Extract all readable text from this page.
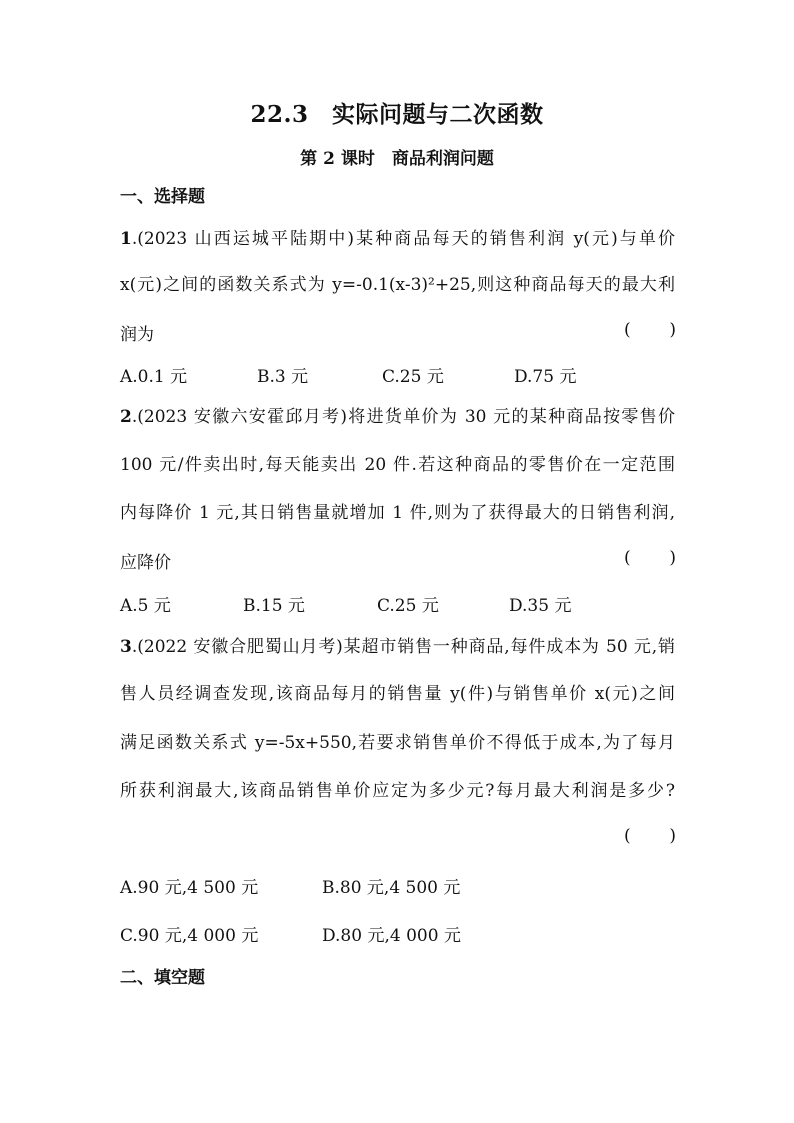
22.3　实际问题与二次函数
第 2 课时　商品利润问题
一、选择题
1.(2023 山西运城平陆期中)某种商品每天的销售利润 y(元)与单价
x(元)之间的函数关系式为 y=-0.1(x-3)²+25,则这种商品每天的最大利
润为	( )
A.0.1 元	B.3 元	C.25 元	D.75 元
2.(2023 安徽六安霍邱月考)将进货单价为 30 元的某种商品按零售价
100 元/件卖出时,每天能卖出 20 件.若这种商品的零售价在一定范围
内每降价 1 元,其日销售量就增加 1 件,则为了获得最大的日销售利润,
应降价	( )
A.5 元	B.15 元	C.25 元	D.35 元
3.(2022 安徽合肥蜀山月考)某超市销售一种商品,每件成本为 50 元,销
售人员经调查发现,该商品每月的销售量 y(件)与销售单价 x(元)之间
满足函数关系式 y=-5x+550,若要求销售单价不得低于成本,为了每月
所获利润最大,该商品销售单价应定为多少元?每月最大利润是多少?
( )
A.90 元,4 500 元	B.80 元,4 500 元
C.90 元,4 000 元	D.80 元,4 000 元
二、填空题
